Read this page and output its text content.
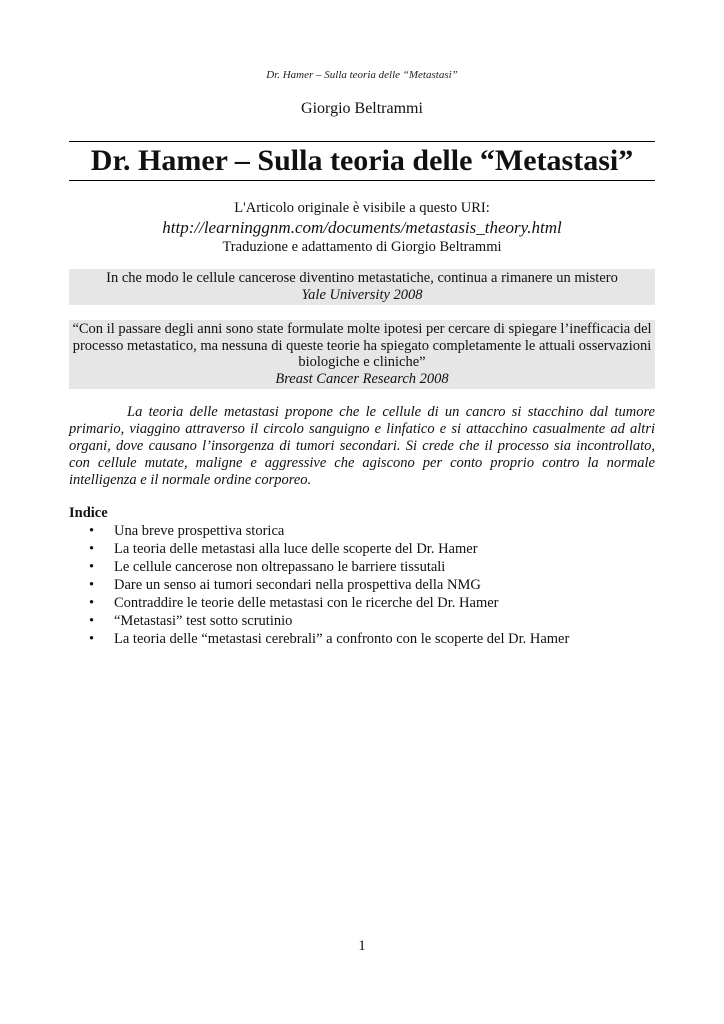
Dr. Hamer – Sulla teoria delle “Metastasi”
Giorgio Beltrammi
Dr. Hamer – Sulla teoria delle “Metastasi”
L'Articolo originale è visibile a questo URI:
http://learninggnm.com/documents/metastasis_theory.html
Traduzione e adattamento di Giorgio Beltrammi
In che modo le cellule cancerose diventino metastatiche, continua a rimanere un mistero
Yale University 2008
“Con il passare degli anni sono state formulate molte ipotesi per cercare di spiegare l’inefficacia del processo metastatico, ma nessuna di queste teorie ha spiegato completamente le attuali osservazioni biologiche e cliniche”
Breast Cancer Research 2008

La teoria delle metastasi propone che le cellule di un cancro si stacchino dal tumore primario, viaggino attraverso il circolo sanguigno e linfatico e si attacchino casualmente ad altri organi, dove causano l’insorgenza di tumori secondari. Si crede che il processo sia incontrollato, con cellule mutate, maligne e aggressive che agiscono per conto proprio contro la normale intelligenza e il normale ordine corporeo.

Indice
• Una breve prospettiva storica
• La teoria delle metastasi alla luce delle scoperte del Dr. Hamer
• Le cellule cancerose non oltrepassano le barriere tissutali
• Dare un senso ai tumori secondari nella prospettiva della NMG
• Contraddire le teorie delle metastasi con le ricerche del Dr. Hamer
• “Metastasi” test sotto scrutinio
• La teoria delle “metastasi cerebrali” a confronto con le scoperte del Dr. Hamer
1
